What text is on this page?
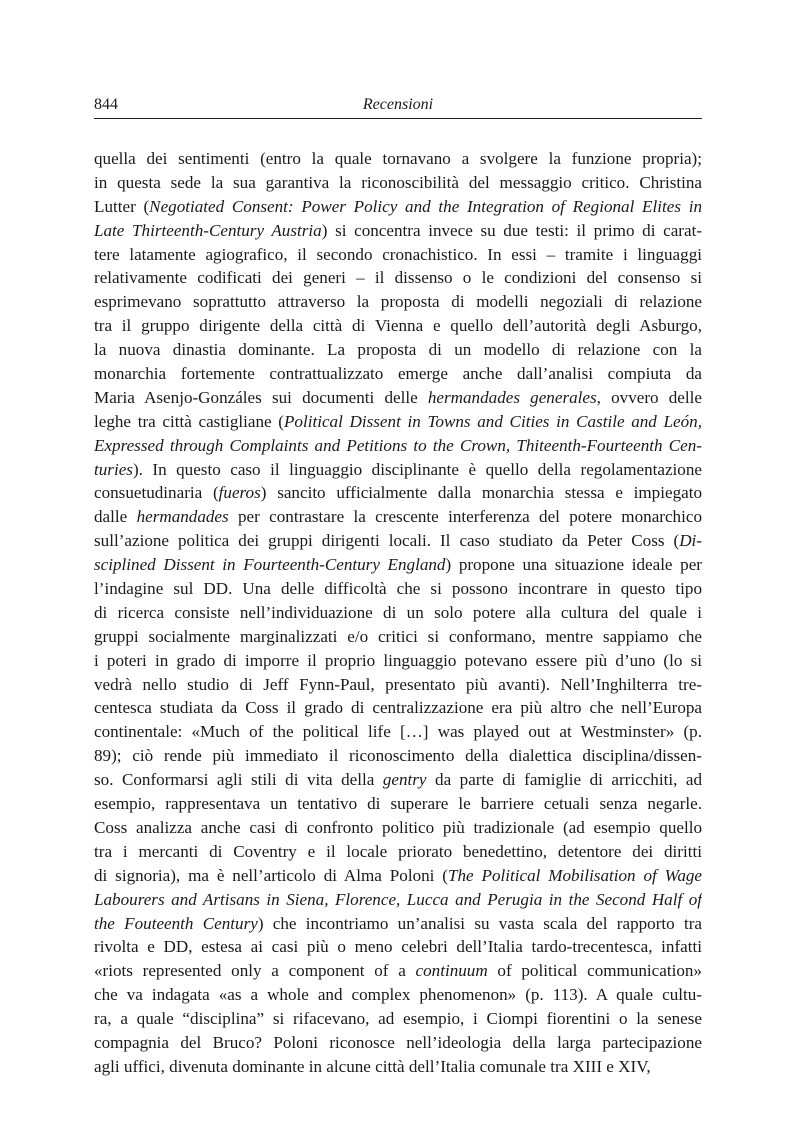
844	Recensioni
quella dei sentimenti (entro la quale tornavano a svolgere la funzione propria);
in questa sede la sua garantiva la riconoscibilità del messaggio critico. Christina
Lutter (Negotiated Consent: Power Policy and the Integration of Regional Elites in
Late Thirteenth-Century Austria) si concentra invece su due testi: il primo di carat-
tere latamente agiografico, il secondo cronachistico. In essi – tramite i linguaggi
relativamente codificati dei generi – il dissenso o le condizioni del consenso si
esprimevano soprattutto attraverso la proposta di modelli negoziali di relazione
tra il gruppo dirigente della città di Vienna e quello dell’autorità degli Asburgo,
la nuova dinastia dominante. La proposta di un modello di relazione con la
monarchia fortemente contrattualizzato emerge anche dall’analisi compiuta da
Maria Asenjo-Gonzáles sui documenti delle hermandades generales, ovvero delle
leghe tra città castigliane (Political Dissent in Towns and Cities in Castile and León,
Expressed through Complaints and Petitions to the Crown, Thiteenth-Fourteenth Cen-
turies). In questo caso il linguaggio disciplinante è quello della regolamentazione
consuetudinaria (fueros) sancito ufficialmente dalla monarchia stessa e impiegato
dalle hermandades per contrastare la crescente interferenza del potere monarchico
sull’azione politica dei gruppi dirigenti locali. Il caso studiato da Peter Coss (Di-
sciplined Dissent in Fourteenth-Century England) propone una situazione ideale per
l’indagine sul DD. Una delle difficoltà che si possono incontrare in questo tipo
di ricerca consiste nell’individuazione di un solo potere alla cultura del quale i
gruppi socialmente marginalizzati e/o critici si conformano, mentre sappiamo che
i poteri in grado di imporre il proprio linguaggio potevano essere più d’uno (lo si
vedrà nello studio di Jeff Fynn-Paul, presentato più avanti). Nell’Inghilterra tre-
centesca studiata da Coss il grado di centralizzazione era più altro che nell’Europa
continentale: «Much of the political life […] was played out at Westminster» (p.
89); ciò rende più immediato il riconoscimento della dialettica disciplina/dissen-
so. Conformarsi agli stili di vita della gentry da parte di famiglie di arricchiti, ad
esempio, rappresentava un tentativo di superare le barriere cetuali senza negarle.
Coss analizza anche casi di confronto politico più tradizionale (ad esempio quello
tra i mercanti di Coventry e il locale priorato benedettino, detentore dei diritti
di signoria), ma è nell’articolo di Alma Poloni (The Political Mobilisation of Wage
Labourers and Artisans in Siena, Florence, Lucca and Perugia in the Second Half of
the Fouteenth Century) che incontriamo un’analisi su vasta scala del rapporto tra
rivolta e DD, estesa ai casi più o meno celebri dell’Italia tardo-trecentesca, infatti
«riots represented only a component of a continuum of political communication»
che va indagata «as a whole and complex phenomenon» (p. 113). A quale cultu-
ra, a quale “disciplina” si rifacevano, ad esempio, i Ciompi fiorentini o la senese
compagnia del Bruco? Poloni riconosce nell’ideologia della larga partecipazione
agli uffici, divenuta dominante in alcune città dell’Italia comunale tra XIII e XIV,
